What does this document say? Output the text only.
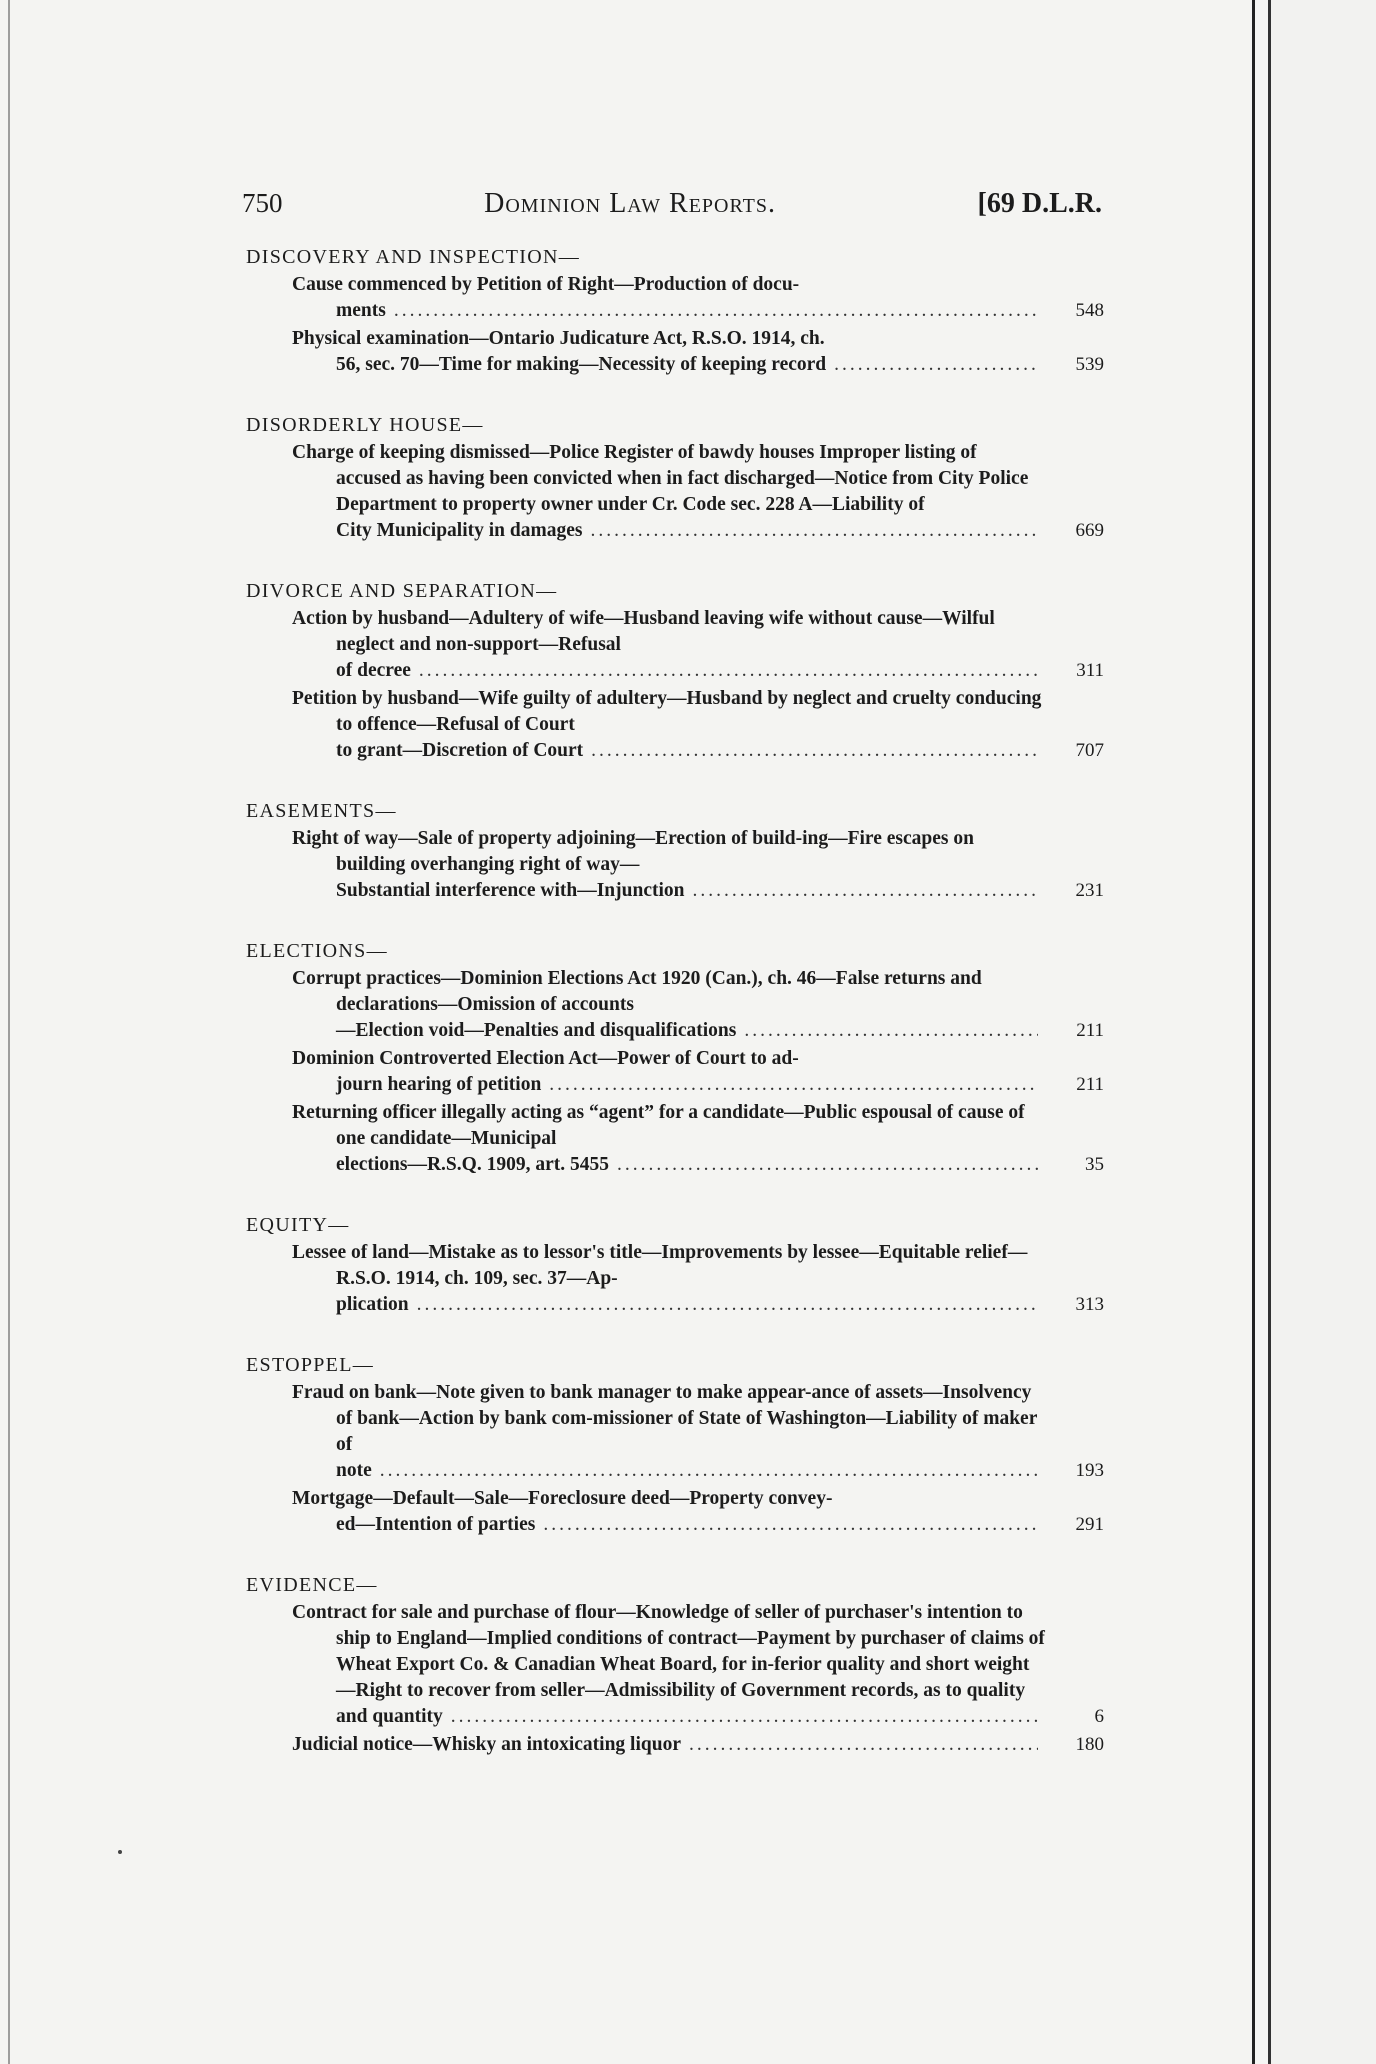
750	Dominion Law Reports.	[69 D.L.R.
DISCOVERY AND INSPECTION—
Cause commenced by Petition of Right—Production of docu-
ments .....	548
Physical examination—Ontario Judicature Act, R.S.O. 1914, ch.
56, sec. 70—Time for making—Necessity of keeping record .....	539
DISORDERLY HOUSE—
Charge of keeping dismissed—Police Register of bawdy houses Improper listing of accused as having been convicted when in fact discharged—Notice from City Police Department to property owner under Cr. Code sec. 228 A—Liability of
City Municipality in damages .....	669
DIVORCE AND SEPARATION—
Action by husband—Adultery of wife—Husband leaving wife without cause—Wilful neglect and non-support—Refusal
of decree .....	311
Petition by husband—Wife guilty of adultery—Husband by neglect and cruelty conducing to offence—Refusal of Court
to grant—Discretion of Court .....	707
EASEMENTS—
Right of way—Sale of property adjoining—Erection of build-ing—Fire escapes on building overhanging right of way—
Substantial interference with—Injunction .....	231
ELECTIONS—
Corrupt practices—Dominion Elections Act 1920 (Can.), ch. 46—False returns and declarations—Omission of accounts
—Election void—Penalties and disqualifications .....	211
Dominion Controverted Election Act—Power of Court to ad-
journ hearing of petition .....	211
Returning officer illegally acting as “agent” for a candidate—Public espousal of cause of one candidate—Municipal
elections—R.S.Q. 1909, art. 5455 .....	35
EQUITY—
Lessee of land—Mistake as to lessor's title—Improvements by lessee—Equitable relief—R.S.O. 1914, ch. 109, sec. 37—Ap-
plication .....	313
ESTOPPEL—
Fraud on bank—Note given to bank manager to make appear-ance of assets—Insolvency of bank—Action by bank com-missioner of State of Washington—Liability of maker of
note .....	193
Mortgage—Default—Sale—Foreclosure deed—Property convey-
ed—Intention of parties .....	291
EVIDENCE—
Contract for sale and purchase of flour—Knowledge of seller of purchaser's intention to ship to England—Implied conditions of contract—Payment by purchaser of claims of Wheat Export Co. & Canadian Wheat Board, for in-ferior quality and short weight—Right to recover from seller—Admissibility of Government records, as to quality
and quantity .....	6
Judicial notice—Whisky an intoxicating liquor .....	180
